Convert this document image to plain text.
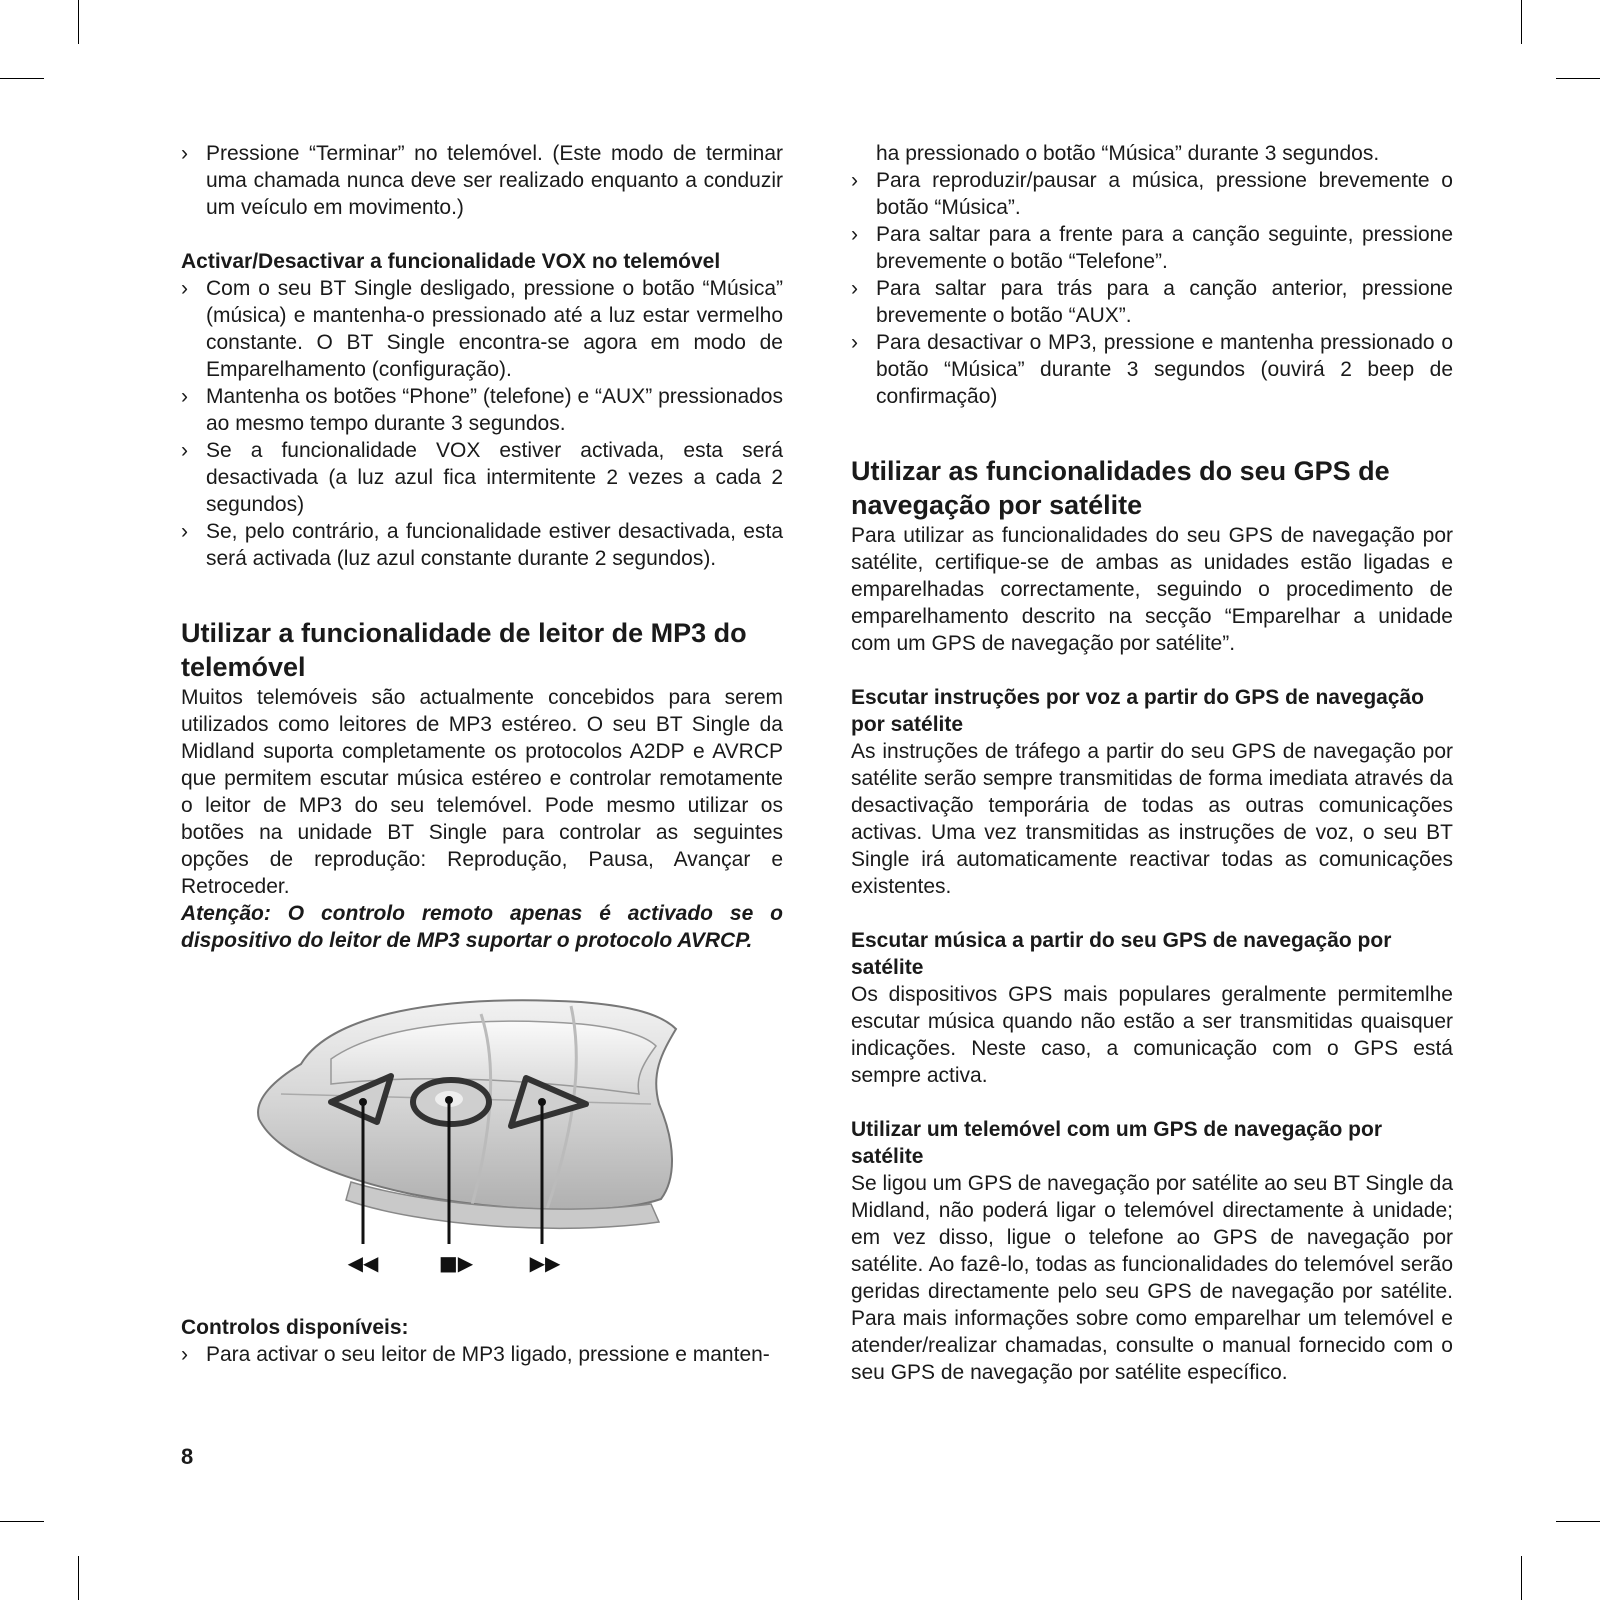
› Pressione “Terminar” no telemóvel. (Este modo de terminar uma chamada nunca deve ser realizado enquanto a conduzir um veículo em movimento.)
Activar/Desactivar a funcionalidade VOX no telemóvel
› Com o seu BT Single desligado, pressione o botão “Música” (música) e mantenha-o pressionado até a luz estar vermelho constante. O BT Single encontra-se agora em modo de Emparelhamento (configuração).
› Mantenha os botões “Phone” (telefone) e “AUX” pressionados ao mesmo tempo durante 3 segundos.
› Se a funcionalidade VOX estiver activada, esta será desactivada (a luz azul fica intermitente 2 vezes a cada 2 segundos)
› Se, pelo contrário, a funcionalidade estiver desactivada, esta será activada (luz azul constante durante 2 segundos).
Utilizar a funcionalidade de leitor de MP3 do telemóvel

Muitos telemóveis são actualmente concebidos para serem utilizados como leitores de MP3 estéreo. O seu BT Single da Midland suporta completamente os protocolos A2DP e AVRCP que permitem escutar música estéreo e controlar remotamente o leitor de MP3 do seu telemóvel. Pode mesmo utilizar os botões na unidade BT Single para controlar as seguintes opções de reprodução: Reprodução, Pausa, Avançar e Retroceder.

Atenção: O controlo remoto apenas é activado se o dispositivo do leitor de MP3 suportar o protocolo AVRCP.

◀◀	■▶	▶▶
Controlos disponíveis:
› Para activar o seu leitor de MP3 ligado, pressione e manten-
ha pressionado o botão “Música” durante 3 segundos.
› Para reproduzir/pausar a música, pressione brevemente o botão “Música”.
› Para saltar para a frente para a canção seguinte, pressione brevemente o botão “Telefone”.
› Para saltar para trás para a canção anterior, pressione brevemente o botão “AUX”.
› Para desactivar o MP3, pressione e mantenha pressionado o botão “Música” durante 3 segundos (ouvirá 2 beep de confirmação)
Utilizar as funcionalidades do seu GPS de navegação por satélite

Para utilizar as funcionalidades do seu GPS de navegação por satélite, certifique-se de ambas as unidades estão ligadas e emparelhadas correctamente, seguindo o procedimento de emparelhamento descrito na secção “Emparelhar a unidade com um GPS de navegação por satélite”.

Escutar instruções por voz a partir do GPS de navegação por satélite

As instruções de tráfego a partir do seu GPS de navegação por satélite serão sempre transmitidas de forma imediata através da desactivação temporária de todas as outras comunicações activas. Uma vez transmitidas as instruções de voz, o seu BT Single irá automaticamente reactivar todas as comunicações existentes.

Escutar música a partir do seu GPS de navegação por satélite

Os dispositivos GPS mais populares geralmente permitemlhe escutar música quando não estão a ser transmitidas quaisquer indicações. Neste caso, a comunicação com o GPS está sempre activa.

Utilizar um telemóvel com um GPS de navegação por satélite

Se ligou um GPS de navegação por satélite ao seu BT Single da Midland, não poderá ligar o telemóvel directamente à unidade; em vez disso, ligue o telefone ao GPS de navegação por satélite. Ao fazê-lo, todas as funcionalidades do telemóvel serão geridas directamente pelo seu GPS de navegação por satélite. Para mais informações sobre como emparelhar um telemóvel e atender/realizar chamadas, consulte o manual fornecido com o seu GPS de navegação por satélite específico.

8
